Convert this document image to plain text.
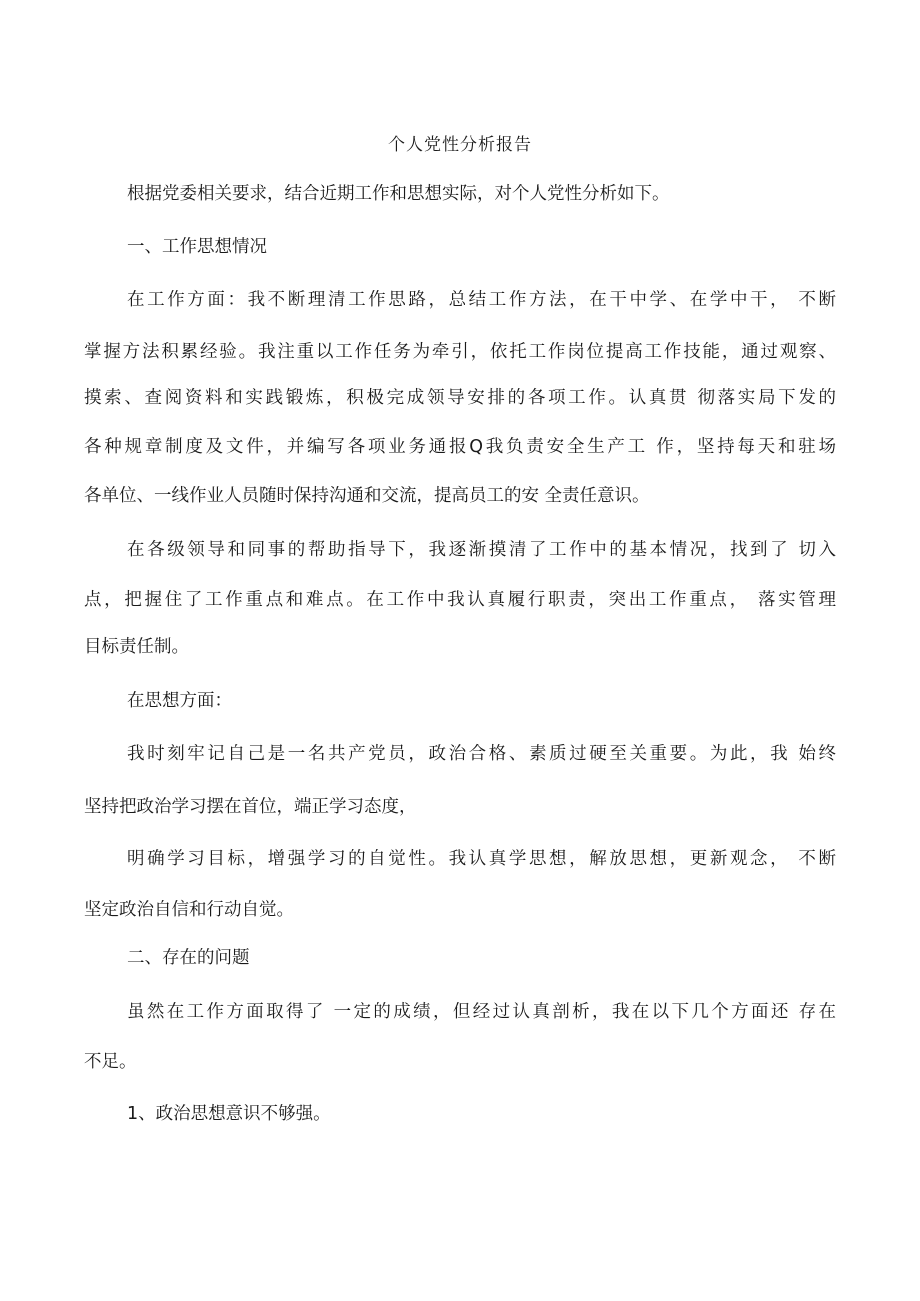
个人党性分析报告

根据党委相关要求，结合近期工作和思想实际，对个人党性分析如下。

一、工作思想情况

在工作方面：我不断理清工作思路，总结工作方法，在干中学、在学中干， 不断

掌握方法积累经验。我注重以工作任务为牵引，依托工作岗位提高工作技能，通过观察、

摸索、查阅资料和实践锻炼，积极完成领导安排的各项工作。认真贯 彻落实局下发的

各种规章制度及文件，并编写各项业务通报Q我负责安全生产工 作，坚持每天和驻场

各单位、一线作业人员随时保持沟通和交流，提高员工的安 全责任意识。

在各级领导和同事的帮助指导下，我逐渐摸清了工作中的基本情况，找到了 切入

点，把握住了工作重点和难点。在工作中我认真履行职责，突出工作重点， 落实管理

目标责任制。

在思想方面：

我时刻牢记自己是一名共产党员，政治合格、素质过硬至关重要。为此，我 始终

坚持把政治学习摆在首位，端正学习态度，

明确学习目标，增强学习的自觉性。我认真学思想，解放思想，更新观念， 不断

坚定政治自信和行动自觉。

二、存在的问题

虽然在工作方面取得了 一定的成绩，但经过认真剖析，我在以下几个方面还 存在

不足。

1、政治思想意识不够强。
